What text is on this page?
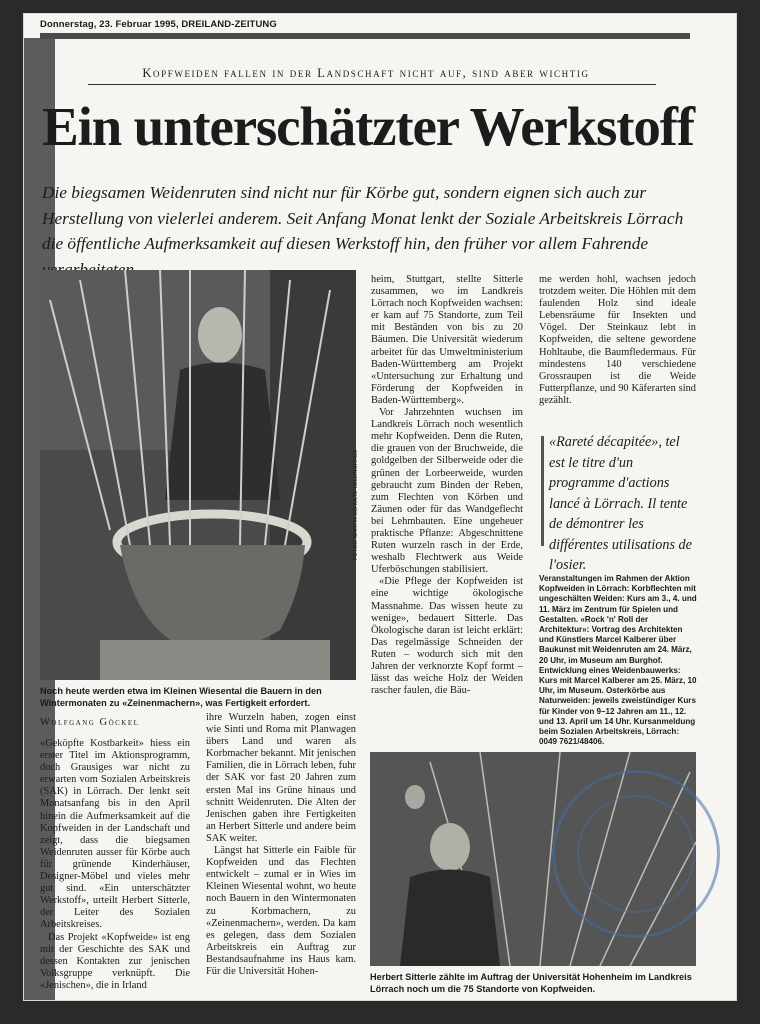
Donnerstag, 23. Februar 1995, DREILAND-ZEITUNG
Kopfweiden fallen in der Landschaft nicht auf, sind aber wichtig
Ein unterschätzter Werkstoff
Die biegsamen Weidenruten sind nicht nur für Körbe gut, sondern eignen sich auch zur Herstellung von vielerlei anderem. Seit Anfang Monat lenkt der Soziale Arbeitskreis Lörrach die öffentliche Aufmerksamkeit auf diesen Werkstoff hin, den früher vor allem Fahrende
FOTOS: MARTIN SCHULTE-KELLINGHAUS
Noch heute werden etwa im Kleinen Wiesental die Bauern in den Wintermonaten zu «Zeinenmachern», was Fertigkeit erfordert.
Wolfgang Göckel

«Geköpfte Kostbarkeit» hiess ein erster Titel im Aktionsprogramm, doch Grausiges war nicht zu erwarten vom Sozialen Arbeitskreis (SAK) in Lörrach. Der lenkt seit Monatsanfang bis in den April hinein die Aufmerksamkeit auf die Kopfweiden in der Landschaft und zeigt, dass die biegsamen Weidenruten ausser für Körbe auch für grünende Kinderhäuser, Designer-Möbel und vieles mehr gut sind. «Ein unterschätzter Werkstoff», urteilt Herbert Sitterle, der Leiter des Sozialen Arbeitskreises.

Das Projekt «Kopfweide» ist eng mit der Geschichte des SAK und dessen Kontakten zur jenischen Volksgruppe verknüpft. Die «Jenischen», die in Irland

ihre Wurzeln haben, zogen einst wie Sinti und Roma mit Planwagen übers Land und waren als Korbmacher bekannt. Mit jenischen Familien, die in Lörrach leben, fuhr der SAK vor fast 20 Jahren zum ersten Mal ins Grüne hinaus und schnitt Weidenruten. Die Alten der Jenischen gaben ihre Fertigkeiten an Herbert Sitterle und andere beim SAK weiter.

Längst hat Sitterle ein Faible für Kopfweiden und das Flechten entwickelt – zumal er in Wies im Kleinen Wiesental wohnt, wo heute noch Bauern in den Wintermonaten zu Korbmachern, zu «Zeinenmachern», werden. Da kam es gelegen, dass dem Sozialen Arbeitskreis ein Auftrag zur Bestandsaufnahme ins Haus kam. Für die Universität Hohen-

heim, Stuttgart, stellte Sitterle zusammen, wo im Landkreis Lörrach noch Kopfweiden wachsen: er kam auf 75 Standorte, zum Teil mit Beständen von bis zu 20 Bäumen. Die Universität wiederum arbeitet für das Umweltministerium Baden-Württemberg am Projekt «Untersuchung zur Erhaltung und Förderung der Kopfweiden in Baden-Württemberg».

Vor Jahrzehnten wuchsen im Landkreis Lörrach noch wesentlich mehr Kopfweiden. Denn die Ruten, die grauen von der Bruchweide, die goldgelben der Silberweide oder die grünen der Lorbeerweide, wurden gebraucht zum Binden der Reben, zum Flechten von Körben und Zäunen oder für das Wandgeflecht bei Lehmbauten. Eine ungeheuer praktische Pflanze: Abgeschnittene Ruten wurzeln rasch in der Erde, weshalb Flechtwerk aus Weide Uferböschungen stabilisiert.

«Die Pflege der Kopfweiden ist eine wichtige ökologische Massnahme. Das wissen heute zu wenige», bedauert Sitterle. Das Ökologische daran ist leicht erklärt: Das regelmässige Schneiden der Ruten – wodurch sich mit den Jahren der verknorzte Kopf formt – lässt das weiche Holz der Weiden rascher faulen, die Bäu-

me werden hohl, wachsen jedoch trotzdem weiter. Die Höhlen mit dem faulenden Holz sind ideale Lebensräume für Insekten und Vögel. Der Steinkauz lebt in Kopfweiden, die seltene gewordene Hohltaube, die Baumfledermaus. Für mindestens 140 verschiedene Grossraupen ist die Weide Futterpflanze, und 90 Käferarten sind gezählt.

«Rareté décapitée», tel est le titre d'un programme d'actions lancé à Lörrach. Il tente de démontrer les différentes utilisations de l'osier.
Veranstaltungen im Rahmen der Aktion Kopfweiden in Lörrach: Korbflechten mit ungeschälten Weiden: Kurs am 3., 4. und 11. März im Zentrum für Spielen und Gestalten. «Rock 'n' Roll der Architektur»: Vortrag des Architekten und Künstlers Marcel Kalberer über Baukunst mit Weidenruten am 24. März, 20 Uhr, im Museum am Burghof. Entwicklung eines Weidenbauwerks: Kurs mit Marcel Kalberer am 25. März, 10 Uhr, im Museum. Osterkörbe aus Naturweiden: jeweils zweistündiger Kurs für Kinder von 9–12 Jahren am 11., 12. und 13. April um 14 Uhr. Kursanmeldung beim Sozialen Arbeitskreis, Lörrach: 0049 7621/48406.
Herbert Sitterle zählte im Auftrag der Universität Hohenheim im Landkreis Lörrach noch um die 75 Standorte von Kopfweiden.
